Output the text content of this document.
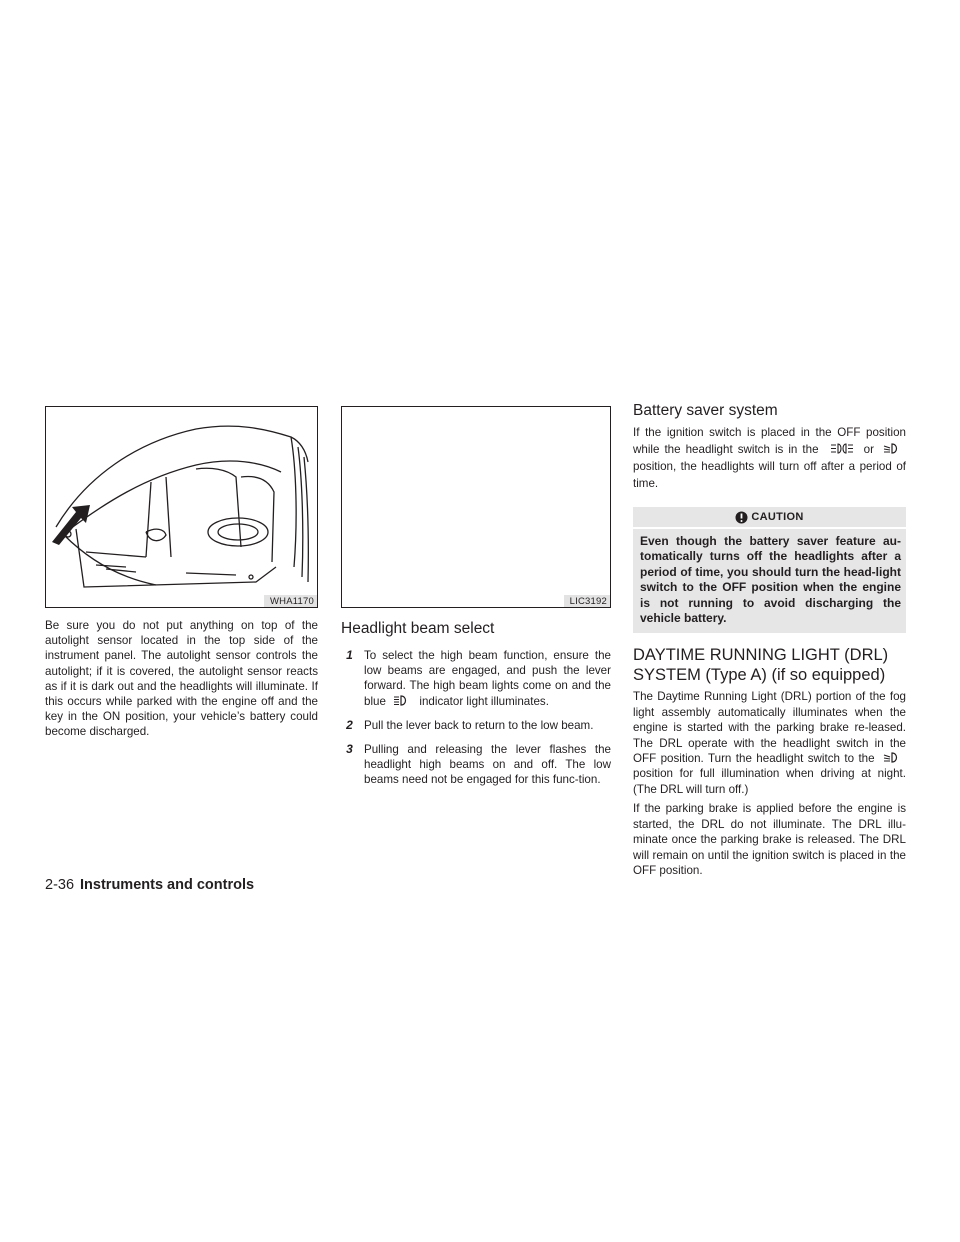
WHA1170

Be sure you do not put anything on top of the autolight sensor located in the top side of the instrument panel. The autolight sensor controls the autolight; if it is covered, the autolight sensor reacts as if it is dark out and the headlights will illuminate. If this occurs while parked with the engine off and the key in the ON position, your vehicle’s battery could become discharged.

LIC3192
Headlight beam select
1 To select the high beam function, ensure the low beams are engaged, and push the lever forward. The high beam lights come on and the blue	indicator light illuminates.
2 Pull the lever back to return to the low beam.
3 Pulling and releasing the lever flashes the headlight high beams on and off. The low beams need not be engaged for this func-tion.
Battery saver system

If the ignition switch is placed in the OFF position while the headlight switch is in the	or  position, the headlights will turn off after a period of time.

CAUTION
Even though the battery saver feature au-tomatically turns off the headlights after a period of time, you should turn the head-light switch to the OFF position when the engine is not running to avoid discharging the vehicle battery.
DAYTIME RUNNING LIGHT (DRL) SYSTEM (Type A) (if so equipped)

The Daytime Running Light (DRL) portion of the fog light assembly automatically illuminates when the engine is started with the parking brake re-leased. The DRL operate with the headlight switch in the OFF position. Turn the headlight switch to the  position for full illumination when driving at night. (The DRL will turn off.)

If the parking brake is applied before the engine is started, the DRL do not illuminate. The DRL illu-minate once the parking brake is released. The DRL will remain on until the ignition switch is placed in the OFF position.

2-36 Instruments and controls
